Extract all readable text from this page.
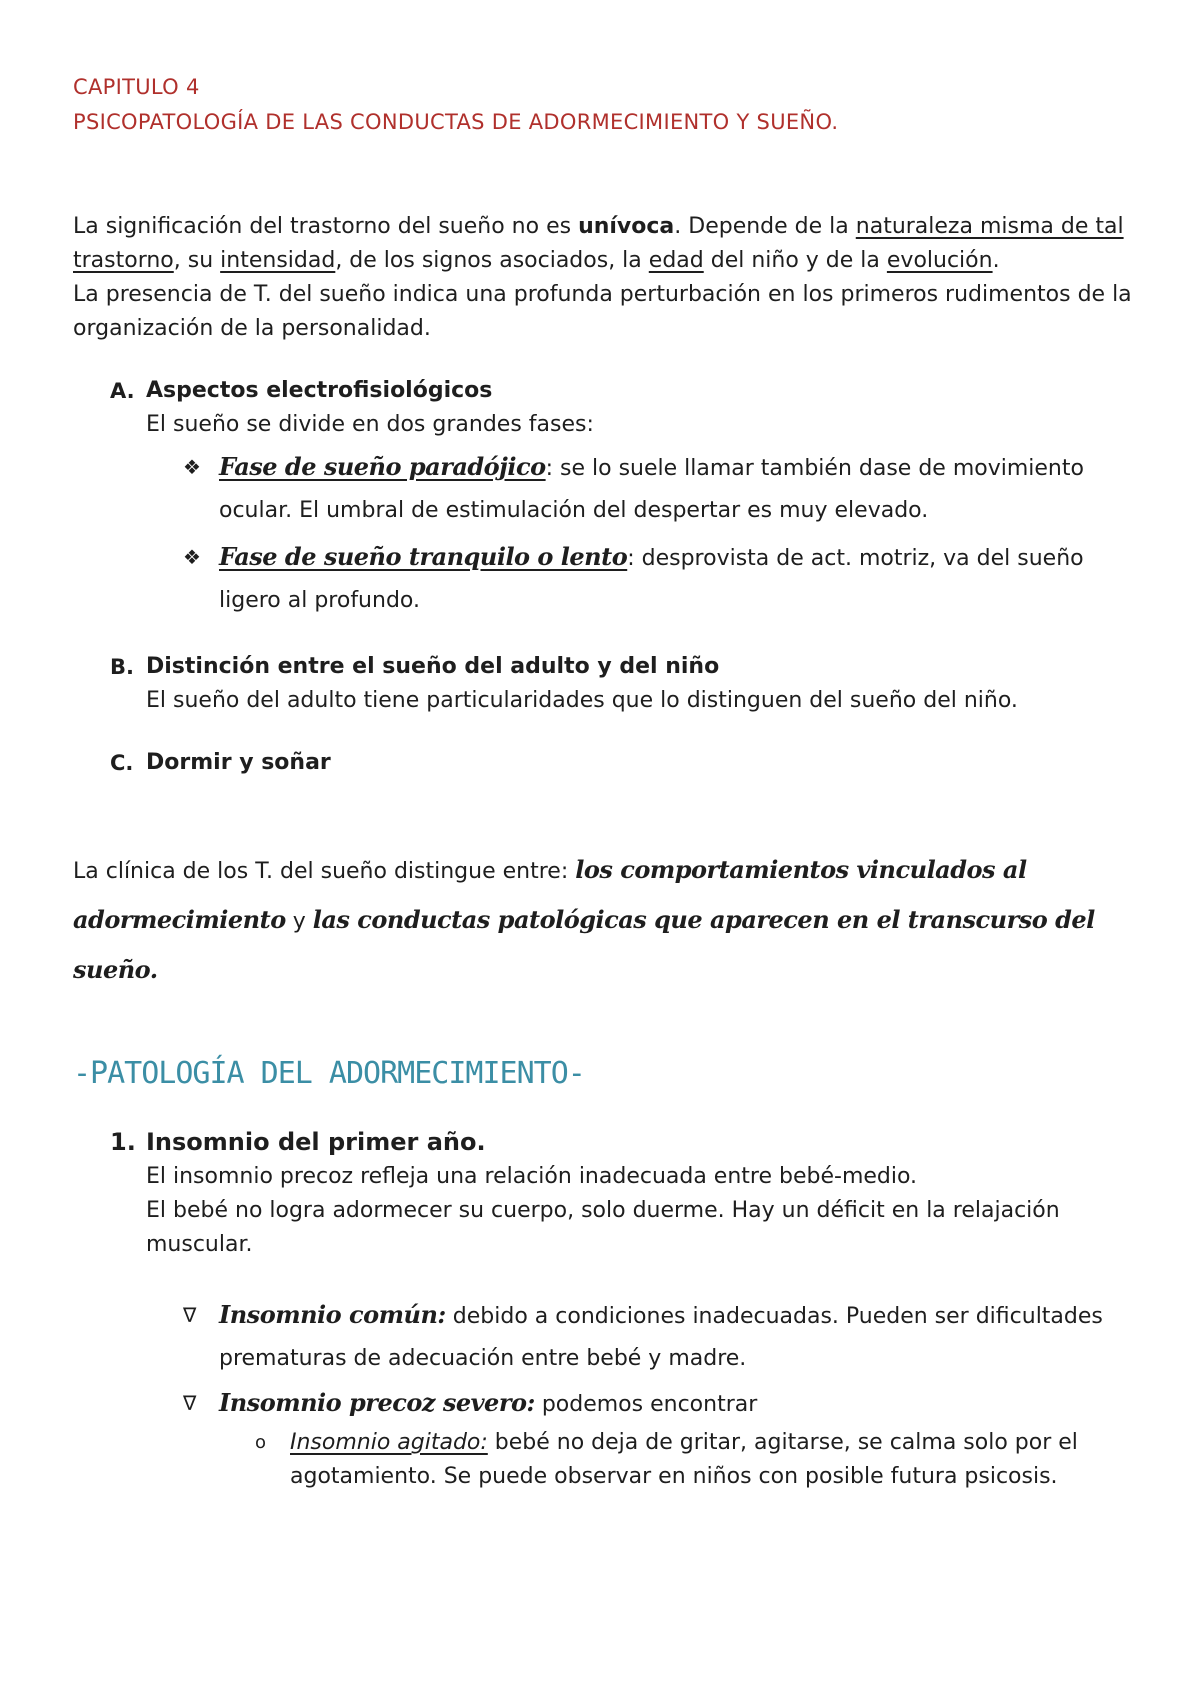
CAPITULO 4
PSICOPATOLOGÍA DE LAS CONDUCTAS DE ADORMECIMIENTO Y SUEÑO.

La significación del trastorno del sueño no es unívoca. Depende de la naturaleza misma de tal trastorno, su intensidad, de los signos asociados, la edad del niño y de la evolución.

La presencia de T. del sueño indica una profunda perturbación en los primeros rudimentos de la organización de la personalidad.

A. Aspectos electrofisiológicos
El sueño se divide en dos grandes fases:
❖ Fase de sueño paradójico: se lo suele llamar también dase de movimiento ocular. El umbral de estimulación del despertar es muy elevado.
❖ Fase de sueño tranquilo o lento: desprovista de act. motriz, va del sueño ligero al profundo.
B. Distinción entre el sueño del adulto y del niño
El sueño del adulto tiene particularidades que lo distinguen del sueño del niño.
C. Dormir y soñar

La clínica de los T. del sueño distingue entre: los comportamientos vinculados al adormecimiento y las conductas patológicas que aparecen en el transcurso del sueño.

-PATOLOGÍA DEL ADORMECIMIENTO-
1. Insomnio del primer año.
El insomnio precoz refleja una relación inadecuada entre bebé-medio.
El bebé no logra adormecer su cuerpo, solo duerme. Hay un déficit en la relajación muscular.
∇ Insomnio común: debido a condiciones inadecuadas. Pueden ser dificultades prematuras de adecuación entre bebé y madre.
∇ Insomnio precoz severo: podemos encontrar
o	Insomnio agitado: bebé no deja de gritar, agitarse, se calma solo por el agotamiento. Se puede observar en niños con posible futura psicosis.
